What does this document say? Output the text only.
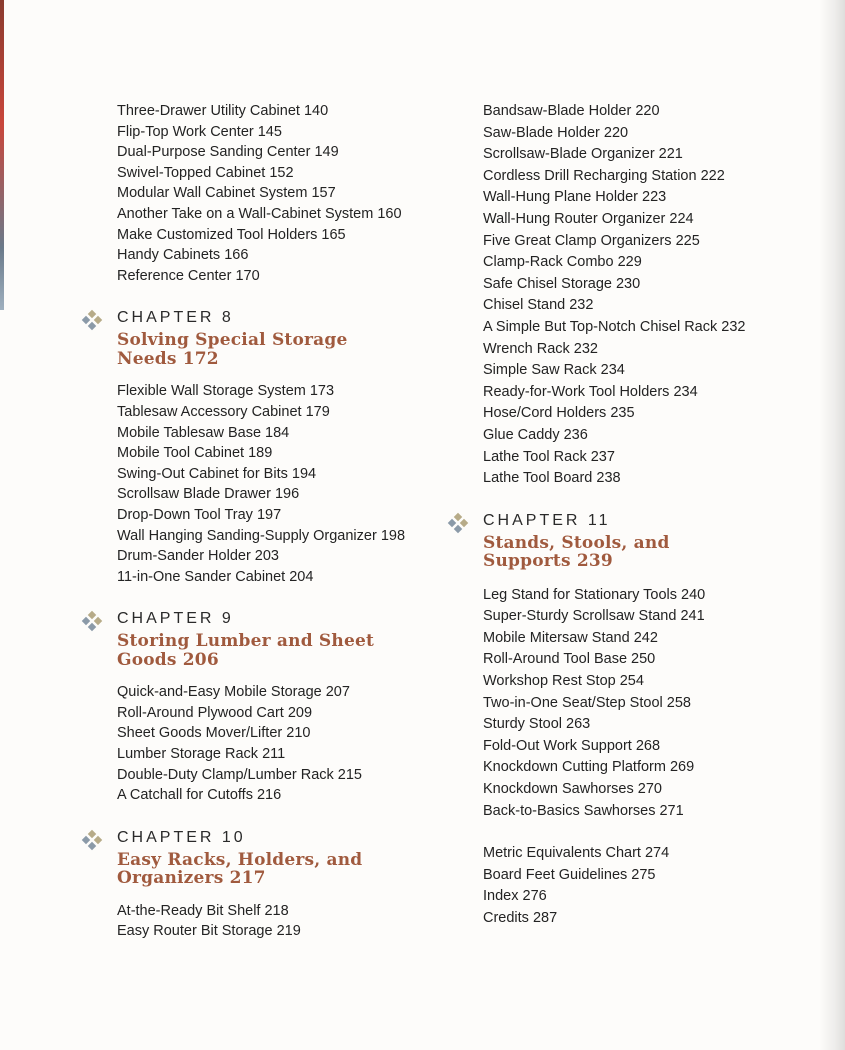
Three-Drawer Utility Cabinet 140
Flip-Top Work Center 145
Dual-Purpose Sanding Center 149
Swivel-Topped Cabinet 152
Modular Wall Cabinet System 157
Another Take on a Wall-Cabinet System 160
Make Customized Tool Holders 165
Handy Cabinets 166
Reference Center 170
CHAPTER 8
Solving Special Storage
Needs 172
Flexible Wall Storage System 173
Tablesaw Accessory Cabinet 179
Mobile Tablesaw Base 184
Mobile Tool Cabinet 189
Swing-Out Cabinet for Bits 194
Scrollsaw Blade Drawer 196
Drop-Down Tool Tray 197
Wall Hanging Sanding-Supply Organizer 198
Drum-Sander Holder 203
11-in-One Sander Cabinet 204
CHAPTER 9
Storing Lumber and Sheet
Goods 206
Quick-and-Easy Mobile Storage 207
Roll-Around Plywood Cart 209
Sheet Goods Mover/Lifter 210
Lumber Storage Rack 211
Double-Duty Clamp/Lumber Rack 215
A Catchall for Cutoffs 216
CHAPTER 10
Easy Racks, Holders, and
Organizers 217
At-the-Ready Bit Shelf 218
Easy Router Bit Storage 219
Bandsaw-Blade Holder 220
Saw-Blade Holder 220
Scrollsaw-Blade Organizer 221
Cordless Drill Recharging Station 222
Wall-Hung Plane Holder 223
Wall-Hung Router Organizer 224
Five Great Clamp Organizers 225
Clamp-Rack Combo 229
Safe Chisel Storage 230
Chisel Stand 232
A Simple But Top-Notch Chisel Rack 232
Wrench Rack 232
Simple Saw Rack 234
Ready-for-Work Tool Holders 234
Hose/Cord Holders 235
Glue Caddy 236
Lathe Tool Rack 237
Lathe Tool Board 238
CHAPTER 11
Stands, Stools, and
Supports 239
Leg Stand for Stationary Tools 240
Super-Sturdy Scrollsaw Stand 241
Mobile Mitersaw Stand 242
Roll-Around Tool Base 250
Workshop Rest Stop 254
Two-in-One Seat/Step Stool 258
Sturdy Stool 263
Fold-Out Work Support 268
Knockdown Cutting Platform 269
Knockdown Sawhorses 270
Back-to-Basics Sawhorses 271
Metric Equivalents Chart 274
Board Feet Guidelines 275
Index 276
Credits 287
